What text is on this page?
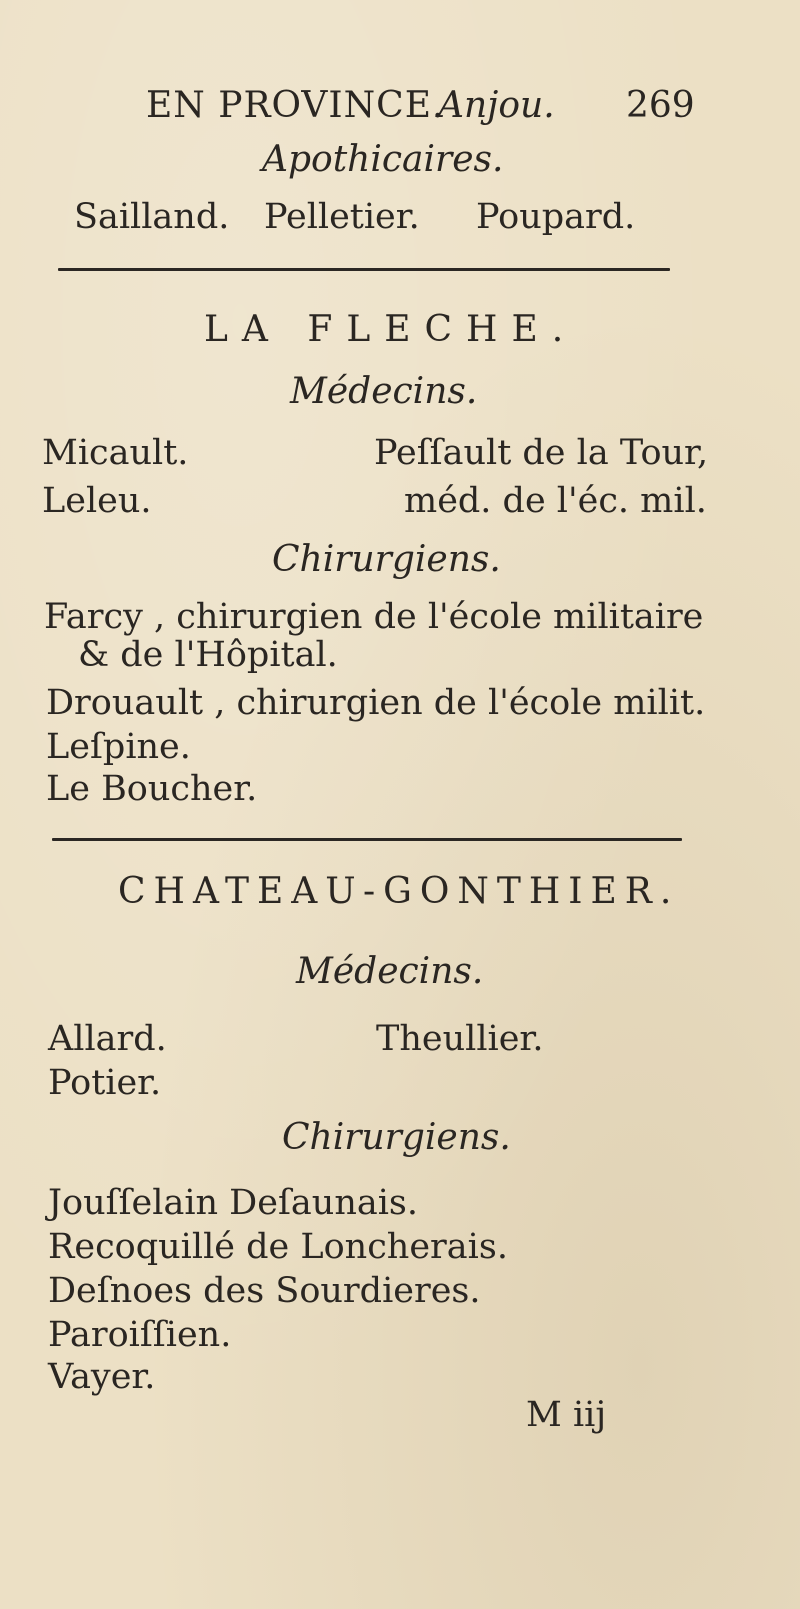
EN PROVINCE.
Anjou. 269
Apothicaires.
Sailland. Pelletier. Poupard.
LA FLECHE.
Médecins.
Micault.
Leleu.
Peſſault de la Tour,
méd. de l'éc. mil.
Chirurgiens.
Farcy , chirurgien de l'école militaire
& de l'Hôpital.
Drouault , chirurgien de l'école milit.
Leſpine.
Le Boucher.
CHATEAU-GONTHIER.
Médecins.
Allard.
Potier.
Theullier.
Chirurgiens.
Jouſſelain Deſaunais.
Recoquillé de Loncherais.
Deſnoes des Sourdieres.
Paroiſſien.
Vayer.
M iij
